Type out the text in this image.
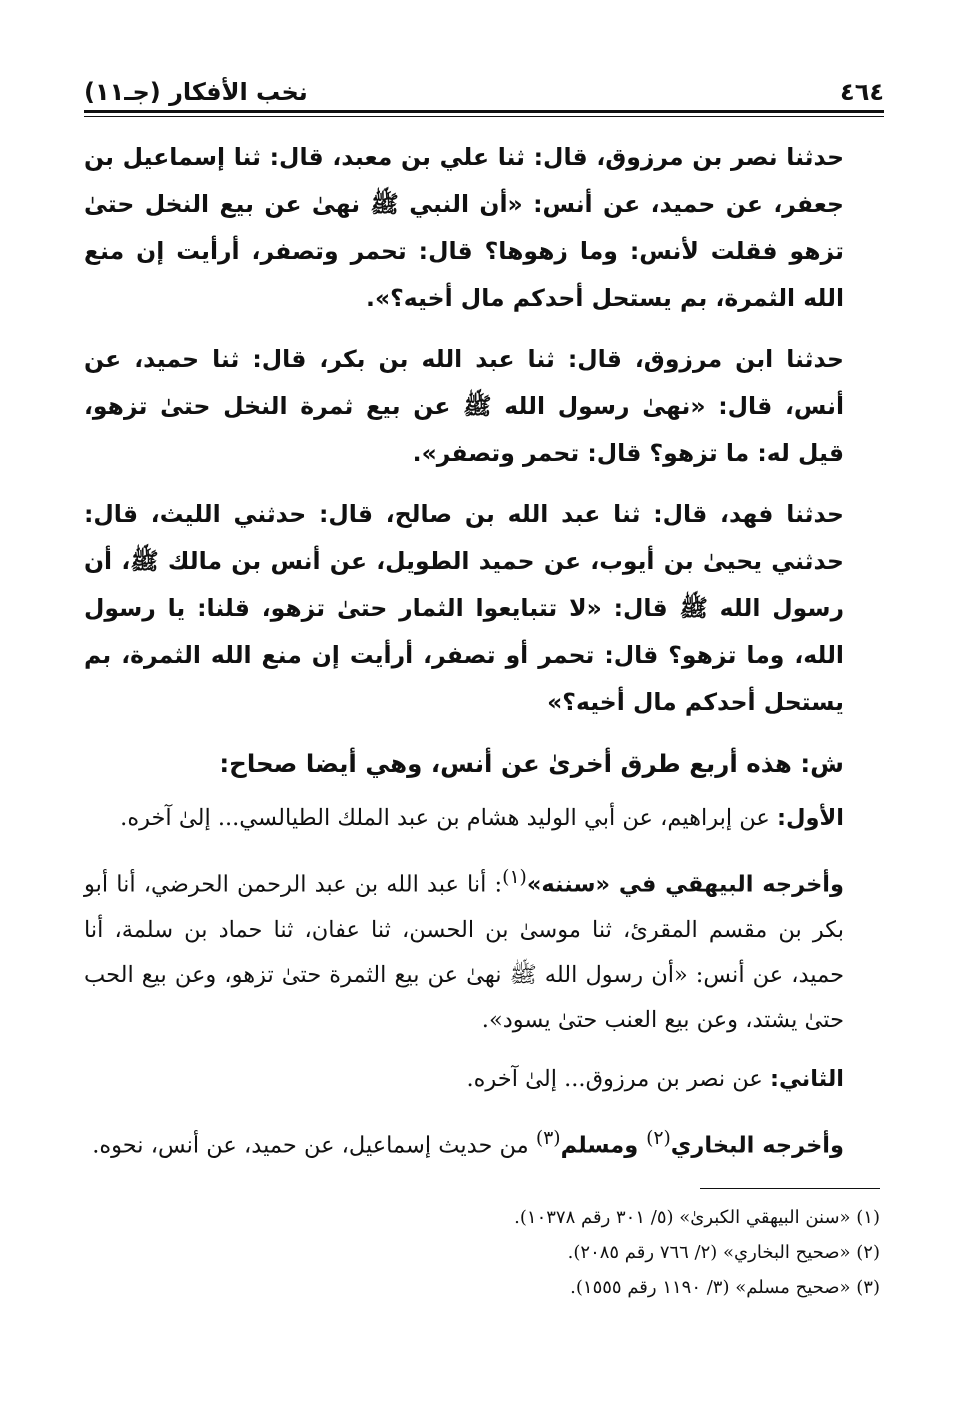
٤٦٤
نخب الأفكار (جـ١١)

حدثنا نصر بن مرزوق، قال: ثنا علي بن معبد، قال: ثنا إسماعيل بن جعفر، عن حميد، عن أنس: «أن النبي ﷺ نهىٰ عن بيع النخل حتىٰ تزهو فقلت لأنس: وما زهوها؟ قال: تحمر وتصفر، أرأيت إن منع الله الثمرة، بم يستحل أحدكم مال أخيه؟».

حدثنا ابن مرزوق، قال: ثنا عبد الله بن بكر، قال: ثنا حميد، عن أنس، قال: «نهىٰ رسول الله ﷺ عن بيع ثمرة النخل حتىٰ تزهو، قيل له: ما تزهو؟ قال: تحمر وتصفر».

حدثنا فهد، قال: ثنا عبد الله بن صالح، قال: حدثني الليث، قال: حدثني يحيىٰ بن أيوب، عن حميد الطويل، عن أنس بن مالك ﷺ، أن رسول الله ﷺ قال: «لا تتبايعوا الثمار حتىٰ تزهو، قلنا: يا رسول الله، وما تزهو؟ قال: تحمر أو تصفر، أرأيت إن منع الله الثمرة، بم يستحل أحدكم مال أخيه؟»

ش: هذه أربع طرق أخرىٰ عن أنس، وهي أيضا صحاح:

الأول: عن إبراهيم، عن أبي الوليد هشام بن عبد الملك الطيالسي... إلىٰ آخره.

وأخرجه البيهقي في «سننه»$^{(١)}$: أنا عبد الله بن عبد الرحمن الحرضي، أنا أبو بكر بن مقسم المقرئ، ثنا موسىٰ بن الحسن، ثنا عفان، ثنا حماد بن سلمة، أنا حميد، عن أنس: «أن رسول الله ﷺ نهىٰ عن بيع الثمرة حتىٰ تزهو، وعن بيع الحب حتىٰ يشتد، وعن بيع العنب حتىٰ يسود».

الثاني: عن نصر بن مرزوق... إلىٰ آخره.

وأخرجه البخاري$^{(٢)}$ ومسلم$^{(٣)}$ من حديث إسماعيل، عن حميد، عن أنس، نحوه.

(١) «سنن البيهقي الكبرىٰ» (٥/ ٣٠١ رقم ١٠٣٧٨).
(٢) «صحيح البخاري» (٢/ ٧٦٦ رقم ٢٠٨٥).
(٣) «صحيح مسلم» (٣/ ١١٩٠ رقم ١٥٥٥).
